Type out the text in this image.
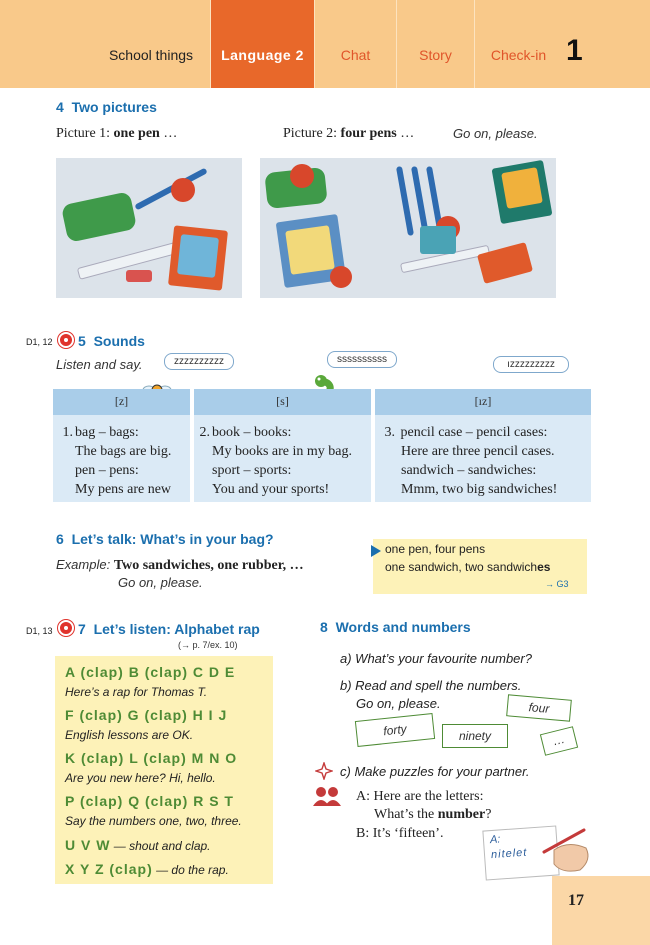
School things	Language 2	Chat	Story	Check-in 1
4 Two pictures
Picture 1: one pen …	Picture 2: four pens …	Go on, please.
D1, 12 5 Sounds
Listen and say.	zzzzzzzzzz	ssssssssss	ızzzzzzzzz
[z]
1. bag – bags:
The bags are big.
pen – pens:
My pens are new
[s]
2. book – books:
My books are in my bag.
sport – sports:
You and your sports!
[ız]
3. pencil case – pencil cases:
Here are three pencil cases.
sandwich – sandwiches:
Mmm, two big sandwiches!
6 Let’s talk: What’s in your bag?
Example: Two sandwiches, one rubber, …
Go on, please.
one pen, four pens
one sandwich, two sandwiches
→ G3
D1, 13 7 Let’s listen: Alphabet rap
(→ p. 7/ex. 10)
A (clap) B (clap) C D E
Here’s a rap for Thomas T.
F (clap) G (clap) H I J
English lessons are OK.
K (clap) L (clap) M N O
Are you new here? Hi, hello.
P (clap) Q (clap) R S T
Say the numbers one, two, three.
U V W — shout and clap.
X Y Z (clap) — do the rap.
8 Words and numbers
a) What’s your favourite number?
b) Read and spell the numbers.
Go on, please.	four
forty	ninety	…
c) Make puzzles for your partner.
A: Here are the letters:
What’s the number?
B: It’s ‘fifteen’.	A:
nitelet
17
